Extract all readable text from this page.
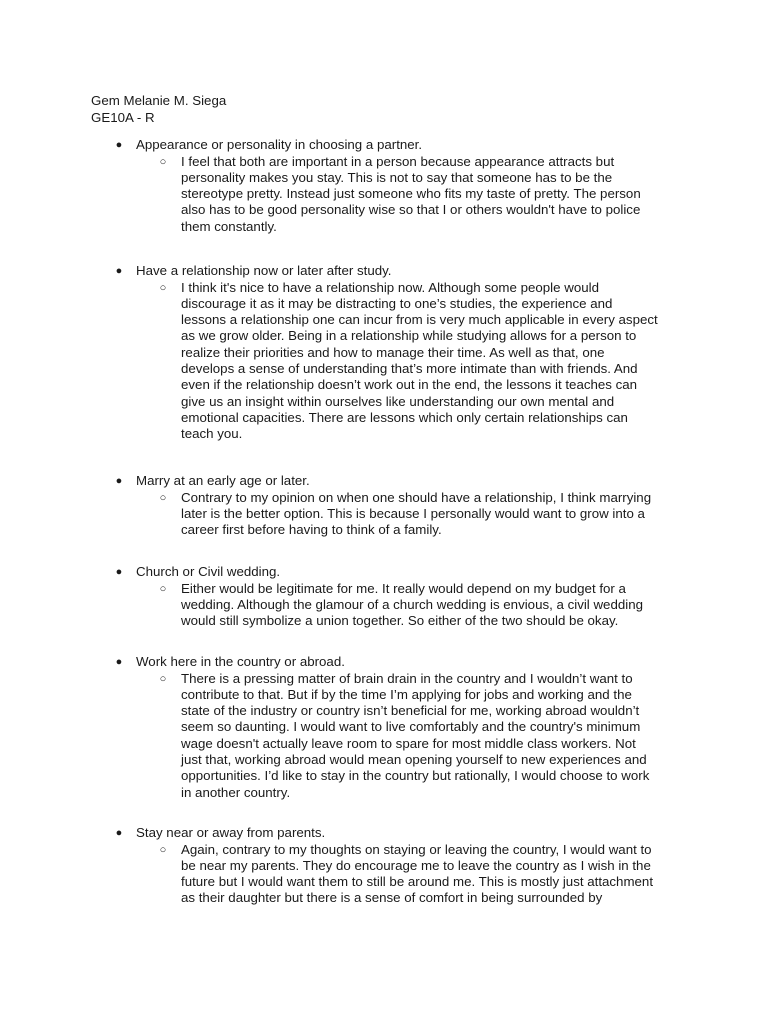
Gem Melanie M. Siega
GE10A - R
● Appearance or personality in choosing a partner.
○ I feel that both are important in a person because appearance attracts but
personality makes you stay. This is not to say that someone has to be the
stereotype pretty. Instead just someone who fits my taste of pretty. The person
also has to be good personality wise so that I or others wouldn't have to police
them constantly.
● Have a relationship now or later after study.
○ I think it's nice to have a relationship now. Although some people would
discourage it as it may be distracting to one’s studies, the experience and
lessons a relationship one can incur from is very much applicable in every aspect
as we grow older. Being in a relationship while studying allows for a person to
realize their priorities and how to manage their time. As well as that, one
develops a sense of understanding that’s more intimate than with friends. And
even if the relationship doesn’t work out in the end, the lessons it teaches can
give us an insight within ourselves like understanding our own mental and
emotional capacities. There are lessons which only certain relationships can
teach you.
● Marry at an early age or later.
○ Contrary to my opinion on when one should have a relationship, I think marrying
later is the better option. This is because I personally would want to grow into a
career first before having to think of a family.
● Church or Civil wedding.
○ Either would be legitimate for me. It really would depend on my budget for a
wedding. Although the glamour of a church wedding is envious, a civil wedding
would still symbolize a union together. So either of the two should be okay.
● Work here in the country or abroad.
○ There is a pressing matter of brain drain in the country and I wouldn’t want to
contribute to that. But if by the time I’m applying for jobs and working and the
state of the industry or country isn’t beneficial for me, working abroad wouldn’t
seem so daunting. I would want to live comfortably and the country's minimum
wage doesn't actually leave room to spare for most middle class workers. Not
just that, working abroad would mean opening yourself to new experiences and
opportunities. I’d like to stay in the country but rationally, I would choose to work
in another country.
● Stay near or away from parents.
○ Again, contrary to my thoughts on staying or leaving the country, I would want to
be near my parents. They do encourage me to leave the country as I wish in the
future but I would want them to still be around me. This is mostly just attachment
as their daughter but there is a sense of comfort in being surrounded by
